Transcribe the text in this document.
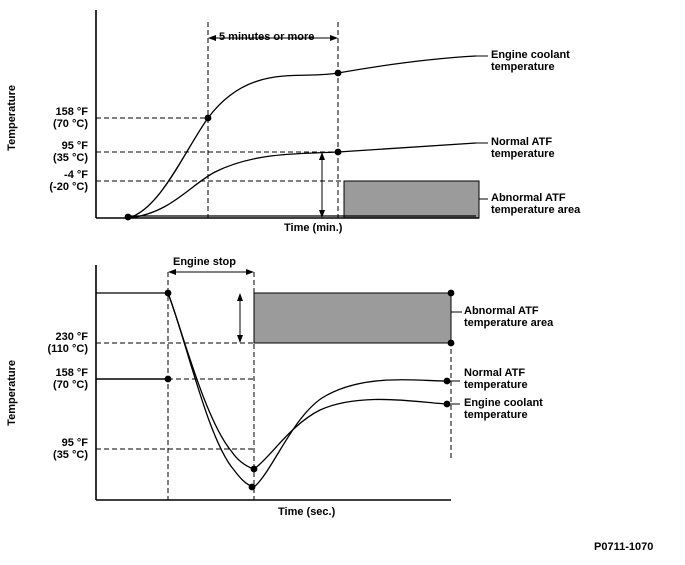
Temperature	158 °F
(70 °C)
95 °F
(35 °C)
-4 °F
(-20 °C)
5 minutes or more
Time (min.)
Engine coolant
temperature
Normal ATF
temperature
Abnormal ATF
temperature area
Temperature
230 °F
(110 °C)
158 °F
(70 °C)
95 °F
(35 °C)
Engine stop
Time (sec.)
Abnormal ATF
temperature area
Normal ATF
temperature
Engine coolant
temperature
P0711-1070
